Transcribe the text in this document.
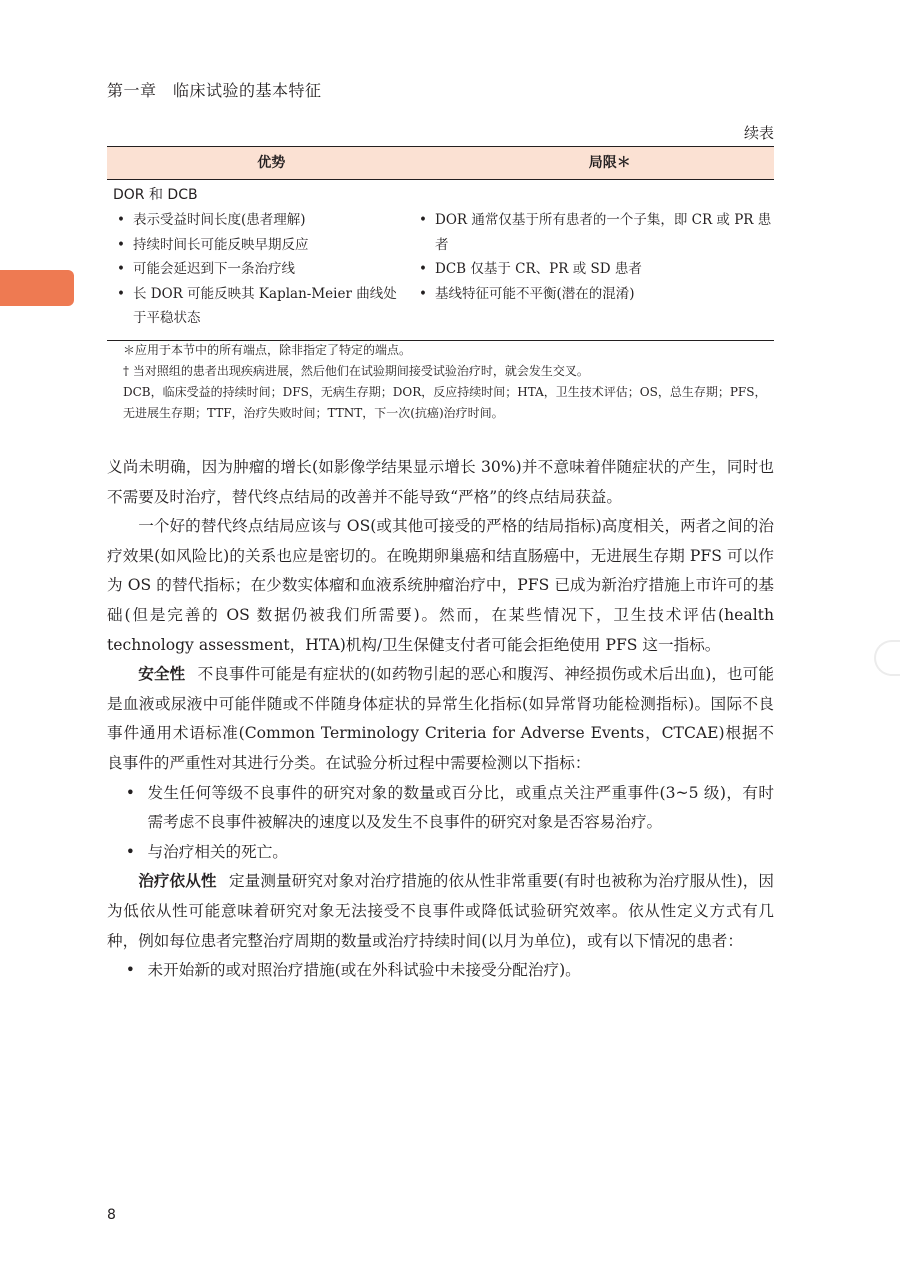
第一章　临床试验的基本特征
续表
优势	局限＊
DOR 和 DCB
• 表示受益时间长度(患者理解)
• 持续时间长可能反映早期反应
• 可能会延迟到下一条治疗线
• 长 DOR 可能反映其 Kaplan-Meier 曲线处于平稳状态
• DOR 通常仅基于所有患者的一个子集，即 CR 或 PR 患者
• DCB 仅基于 CR、PR 或 SD 患者
• 基线特征可能不平衡(潜在的混淆)

＊应用于本节中的所有端点，除非指定了特定的端点。

† 当对照组的患者出现疾病进展，然后他们在试验期间接受试验治疗时，就会发生交叉。

DCB，临床受益的持续时间；DFS，无病生存期；DOR，反应持续时间；HTA，卫生技术评估；OS，总生存期；PFS，无进展生存期；TTF，治疗失败时间；TTNT，下一次(抗癌)治疗时间。

义尚未明确，因为肿瘤的增长(如影像学结果显示增长 30%)并不意味着伴随症状的产生，同时也不需要及时治疗，替代终点结局的改善并不能导致“严格”的终点结局获益。

一个好的替代终点结局应该与 OS(或其他可接受的严格的结局指标)高度相关，两者之间的治疗效果(如风险比)的关系也应是密切的。在晚期卵巢癌和结直肠癌中，无进展生存期 PFS 可以作为 OS 的替代指标；在少数实体瘤和血液系统肿瘤治疗中，PFS 已成为新治疗措施上市许可的基础(但是完善的 OS 数据仍被我们所需要)。然而，在某些情况下，卫生技术评估(health technology assessment，HTA)机构/卫生保健支付者可能会拒绝使用 PFS 这一指标。

安全性 不良事件可能是有症状的(如药物引起的恶心和腹泻、神经损伤或术后出血)，也可能是血液或尿液中可能伴随或不伴随身体症状的异常生化指标(如异常肾功能检测指标)。国际不良事件通用术语标准(Common Terminology Criteria for Adverse Events，CTCAE)根据不良事件的严重性对其进行分类。在试验分析过程中需要检测以下指标：

• 发生任何等级不良事件的研究对象的数量或百分比，或重点关注严重事件(3~5 级)，有时需考虑不良事件被解决的速度以及发生不良事件的研究对象是否容易治疗。

• 与治疗相关的死亡。

治疗依从性 定量测量研究对象对治疗措施的依从性非常重要(有时也被称为治疗服从性)，因为低依从性可能意味着研究对象无法接受不良事件或降低试验研究效率。依从性定义方式有几种，例如每位患者完整治疗周期的数量或治疗持续时间(以月为单位)，或有以下情况的患者：

• 未开始新的或对照治疗措施(或在外科试验中未接受分配治疗)。

8
